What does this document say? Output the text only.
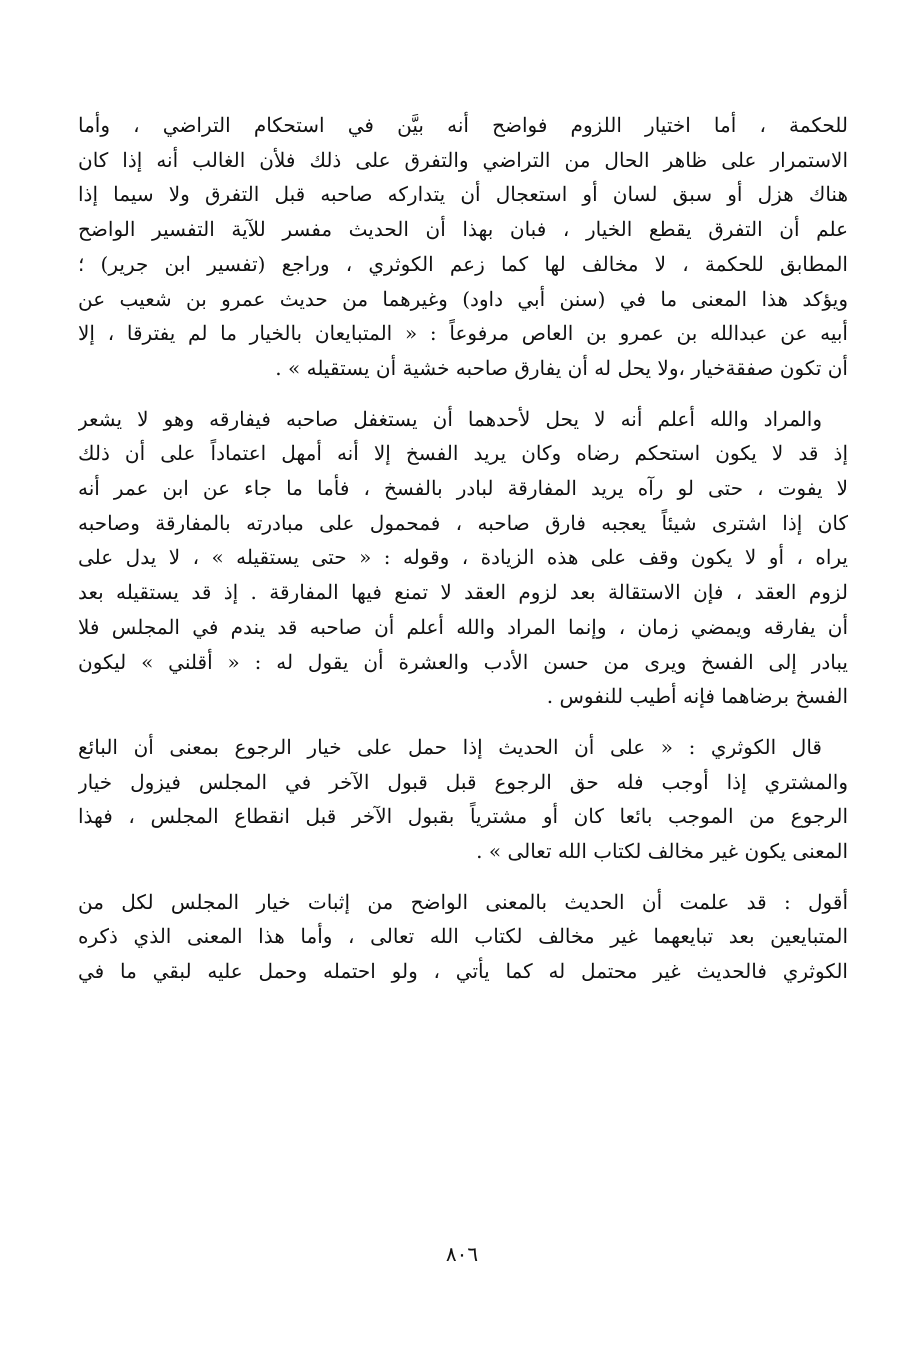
للحكمة ، أما اختيار اللزوم فواضح أنه بيَّن في استحكام التراضي ، وأما
الاستمرار على ظاهر الحال من التراضي والتفرق على ذلك فلأن الغالب أنه إذا كان
هناك هزل أو سبق لسان أو استعجال أن يتداركه صاحبه قبل التفرق ولا سيما إذا
علم أن التفرق يقطع الخيار ، فبان بهذا أن الحديث مفسر للآية التفسير الواضح
المطابق للحكمة ، لا مخالف لها كما زعم الكوثري ، وراجع (تفسير ابن جرير) ؛
ويؤكد هذا المعنى ما في (سنن أبي داود) وغيرهما من حديث عمرو بن شعيب عن
أبيه عن عبدالله بن عمرو بن العاص مرفوعاً : « المتبايعان بالخيار ما لم يفترقا ، إلا
أن تكون صفقةخيار ،ولا يحل له أن يفارق صاحبه خشية أن يستقيله » .
والمراد والله أعلم أنه لا يحل لأحدهما أن يستغفل صاحبه فيفارقه وهو لا يشعر
إذ قد لا يكون استحكم رضاه وكان يريد الفسخ إلا أنه أمهل اعتماداً على أن ذلك
لا يفوت ، حتى لو رآه يريد المفارقة لبادر بالفسخ ، فأما ما جاء عن ابن عمر أنه
كان إذا اشترى شيئاً يعجبه فارق صاحبه ، فمحمول على مبادرته بالمفارقة وصاحبه
يراه ، أو لا يكون وقف على هذه الزيادة ، وقوله : « حتى يستقيله » ، لا يدل على
لزوم العقد ، فإن الاستقالة بعد لزوم العقد لا تمنع فيها المفارقة . إذ قد يستقيله بعد
أن يفارقه ويمضي زمان ، وإنما المراد والله أعلم أن صاحبه قد يندم في المجلس فلا
يبادر إلى الفسخ ويرى من حسن الأدب والعشرة أن يقول له : « أقلني » ليكون
الفسخ برضاهما فإنه أطيب للنفوس .
قال الكوثري : « على أن الحديث إذا حمل على خيار الرجوع بمعنى أن البائع
والمشتري إذا أوجب فله حق الرجوع قبل قبول الآخر في المجلس فيزول خيار
الرجوع من الموجب بائعا كان أو مشترياً بقبول الآخر قبل انقطاع المجلس ، فهذا
المعنى يكون غير مخالف لكتاب الله تعالى » .
أقول : قد علمت أن الحديث بالمعنى الواضح من إثبات خيار المجلس لكل من
المتبايعين بعد تبايعهما غير مخالف لكتاب الله تعالى ، وأما هذا المعنى الذي ذكره
الكوثري فالحديث غير محتمل له كما يأتي ، ولو احتمله وحمل عليه لبقي ما في
٨٠٦
